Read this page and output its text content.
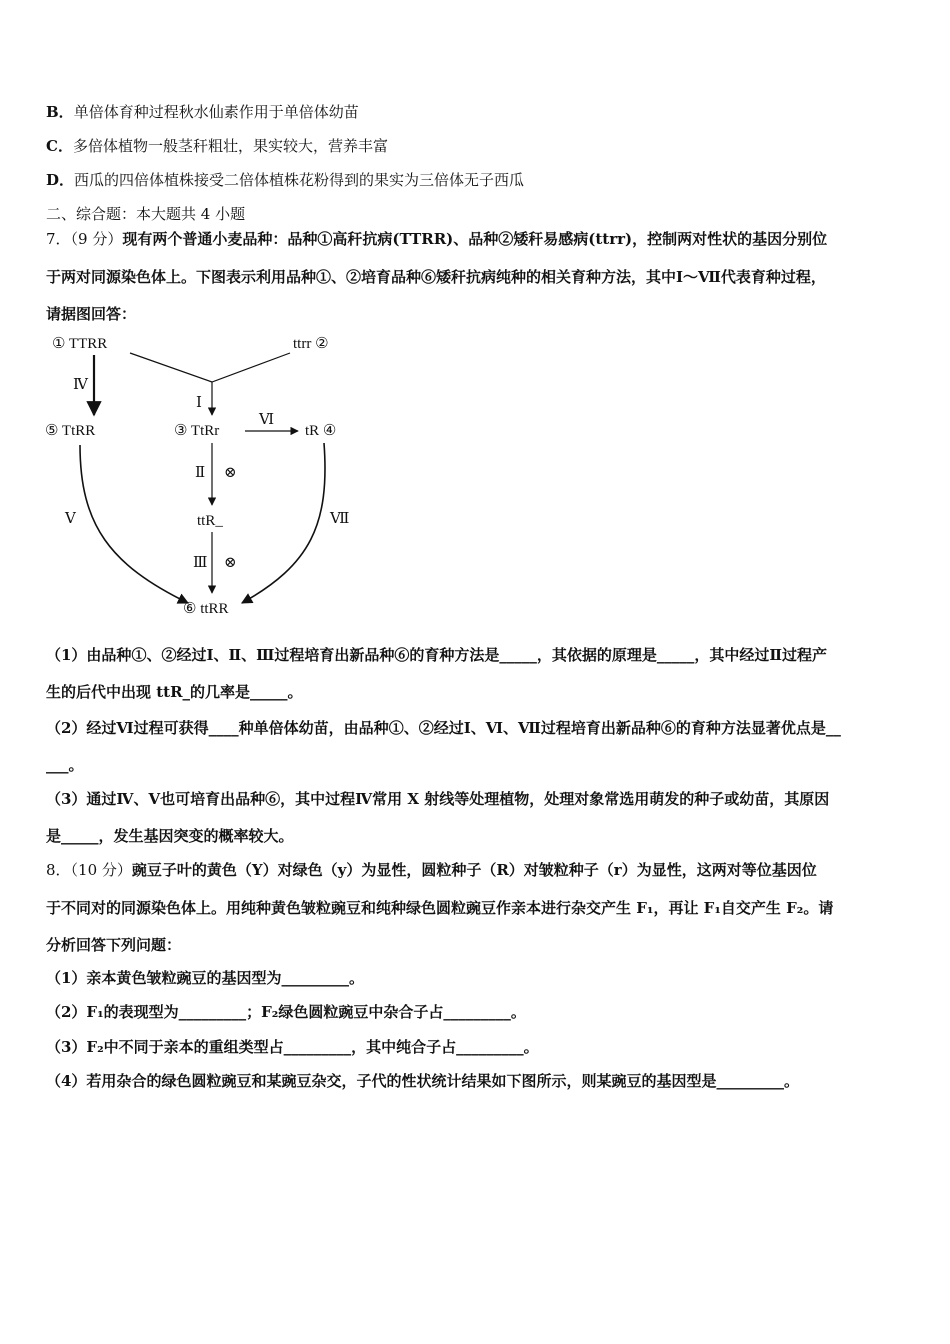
B．单倍体育种过程秋水仙素作用于单倍体幼苗
C．多倍体植物一般茎秆粗壮，果实较大，营养丰富
D．西瓜的四倍体植株接受二倍体植株花粉得到的果实为三倍体无子西瓜
二、综合题：本大题共 4 小题
7．（9 分）现有两个普通小麦品种：品种①高秆抗病(TTRR)、品种②矮秆易感病(ttrr)，控制两对性状的基因分别位
于两对同源染色体上。下图表示利用品种①、②培育品种⑥矮秆抗病纯种的相关育种方法，其中Ⅰ～Ⅶ代表育种过程，
请据图回答：
① TTRR	ttrr ②
⑤ TtRR	③ TtRr	tR ④
ttR_
⑥ ttRR
Ⅰ
Ⅳ
Ⅵ
Ⅱ ⊗
Ⅲ ⊗
Ⅴ	Ⅶ
（1）由品种①、②经过Ⅰ、Ⅱ、Ⅲ过程培育出新品种⑥的育种方法是_____，其依据的原理是_____，其中经过Ⅱ过程产
生的后代中出现 ttR_的几率是_____。
（2）经过Ⅵ过程可获得____种单倍体幼苗，由品种①、②经过Ⅰ、Ⅵ、Ⅶ过程培育出新品种⑥的育种方法显著优点是__
___。
（3）通过Ⅳ、Ⅴ也可培育出品种⑥，其中过程Ⅳ常用 X 射线等处理植物，处理对象常选用萌发的种子或幼苗，其原因
是_____，发生基因突变的概率较大。
8．（10 分）豌豆子叶的黄色（Y）对绿色（y）为显性，圆粒种子（R）对皱粒种子（r）为显性，这两对等位基因位
于不同对的同源染色体上。用纯种黄色皱粒豌豆和纯种绿色圆粒豌豆作亲本进行杂交产生 F₁，再让 F₁自交产生 F₂。请
分析回答下列问题：
（1）亲本黄色皱粒豌豆的基因型为_________。
（2）F₁的表现型为_________；F₂绿色圆粒豌豆中杂合子占_________。
（3）F₂中不同于亲本的重组类型占_________，其中纯合子占_________。
（4）若用杂合的绿色圆粒豌豆和某豌豆杂交，子代的性状统计结果如下图所示，则某豌豆的基因型是_________。
